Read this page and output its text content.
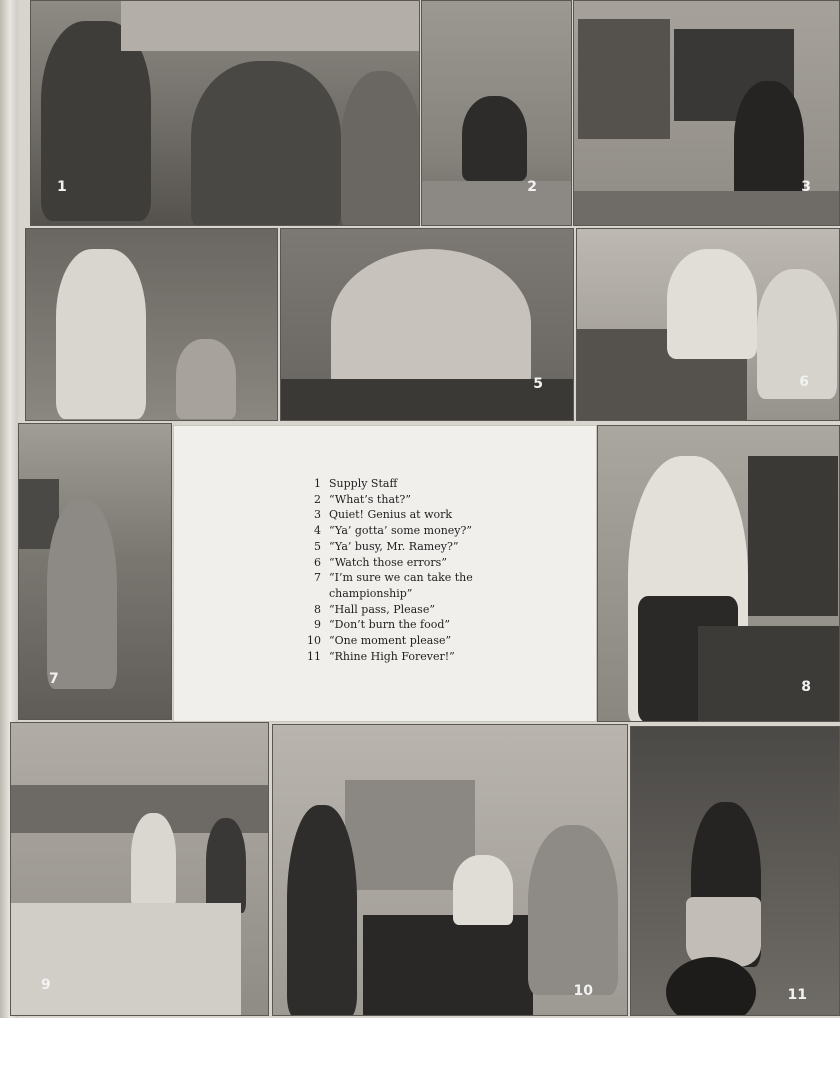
1	2	3
5	6
7
1 Supply Staff
2 “What’s that?”
3 Quiet! Genius at work
4 “Ya’ gotta’ some money?”
5 “Ya’ busy, Mr. Ramey?”
6 “Watch those errors”
7 “I’m sure we can take the championship”
8 “Hall pass, Please”
9 “Don’t burn the food”
10 “One moment please”
11 “Rhine High Forever!”
8
9	10	11
